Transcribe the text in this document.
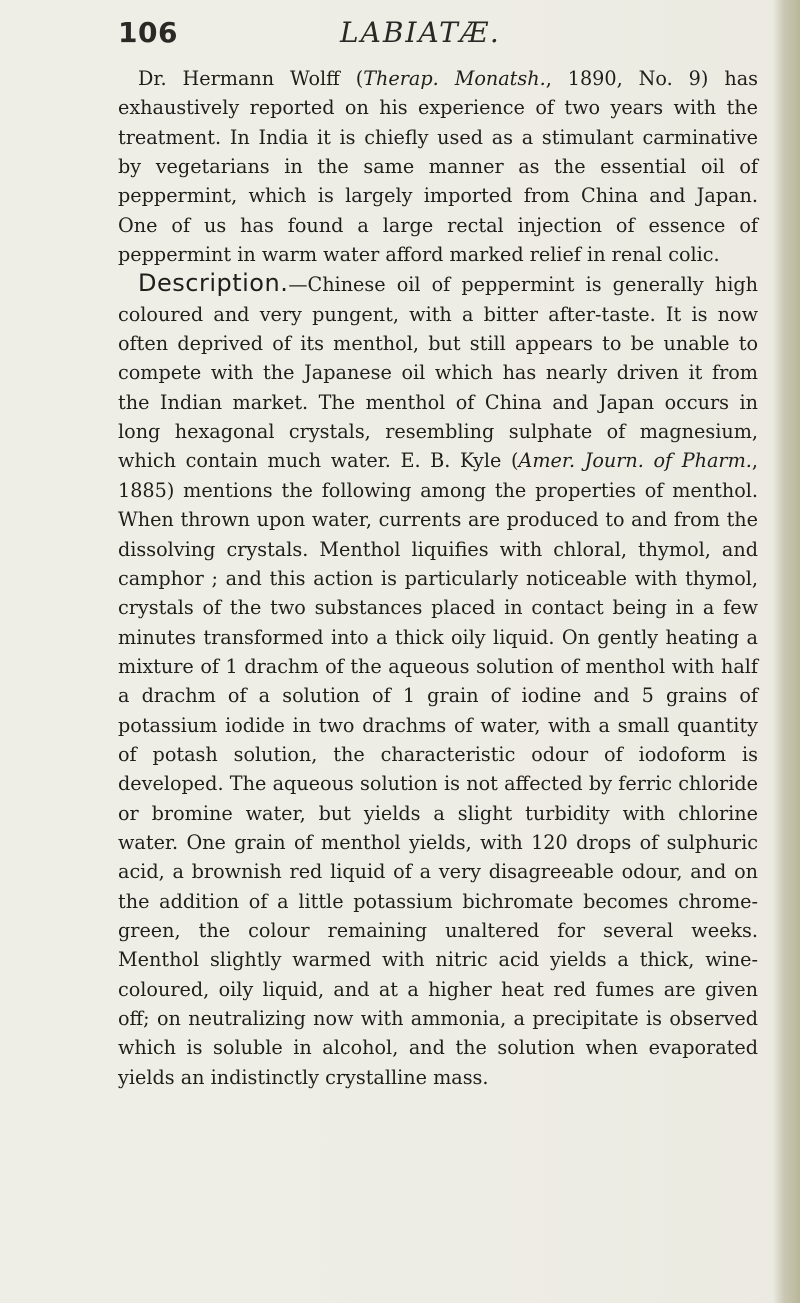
106	LABIATÆ.

Dr. Hermann Wolff (Therap. Monatsh., 1890, No. 9) has exhaustively reported on his experience of two years with the treatment. In India it is chiefly used as a stimulant carminative by vegetarians in the same manner as the essential oil of peppermint, which is largely imported from China and Japan. One of us has found a large rectal injection of essence of peppermint in warm water afford marked relief in renal colic.

Description.—Chinese oil of peppermint is generally high coloured and very pungent, with a bitter after-taste. It is now often deprived of its menthol, but still appears to be unable to compete with the Japanese oil which has nearly driven it from the Indian market. The menthol of China and Japan occurs in long hexagonal crystals, resembling sulphate of magnesium, which contain much water. E. B. Kyle (Amer. Journ. of Pharm., 1885) mentions the following among the properties of menthol. When thrown upon water, currents are produced to and from the dissolving crystals. Menthol liquifies with chloral, thymol, and camphor ; and this action is particularly noticeable with thymol, crystals of the two substances placed in contact being in a few minutes transformed into a thick oily liquid. On gently heating a mixture of 1 drachm of the aqueous solution of menthol with half a drachm of a solution of 1 grain of iodine and 5 grains of potassium iodide in two drachms of water, with a small quantity of potash solution, the characteristic odour of iodoform is developed. The aqueous solution is not affected by ferric chloride or bromine water, but yields a slight turbidity with chlorine water. One grain of menthol yields, with 120 drops of sulphuric acid, a brownish red liquid of a very disagreeable odour, and on the addition of a little potassium bichromate becomes chrome-green, the colour remaining unaltered for several weeks. Menthol slightly warmed with nitric acid yields a thick, wine-coloured, oily liquid, and at a higher heat red fumes are given off; on neutralizing now with ammonia, a precipitate is observed which is soluble in alcohol, and the solution when evaporated yields an indistinctly crystalline mass.
